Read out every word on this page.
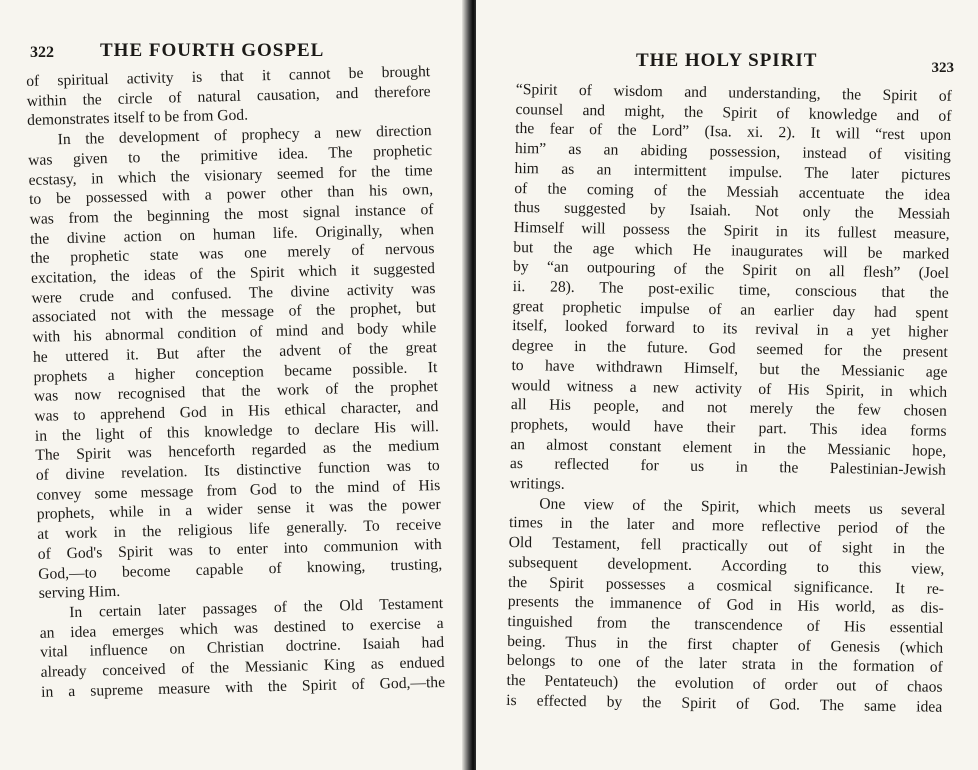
322 THE FOURTH GOSPEL
of spiritual activity is that it cannot be brought
within the circle of natural causation, and therefore
demonstrates itself to be from God.
In the development of prophecy a new direction
was given to the primitive idea. The prophetic
ecstasy, in which the visionary seemed for the time
to be possessed with a power other than his own,
was from the beginning the most signal instance of
the divine action on human life. Originally, when
the prophetic state was one merely of nervous
excitation, the ideas of the Spirit which it suggested
were crude and confused. The divine activity was
associated not with the message of the prophet, but
with his abnormal condition of mind and body while
he uttered it. But after the advent of the great
prophets a higher conception became possible. It
was now recognised that the work of the prophet
was to apprehend God in His ethical character, and
in the light of this knowledge to declare His will.
The Spirit was henceforth regarded as the medium
of divine revelation. Its distinctive function was to
convey some message from God to the mind of His
prophets, while in a wider sense it was the power
at work in the religious life generally. To receive
of God's Spirit was to enter into communion with
God,—to become capable of knowing, trusting,
serving Him.
In certain later passages of the Old Testament
an idea emerges which was destined to exercise a
vital influence on Christian doctrine. Isaiah had
already conceived of the Messianic King as endued
in a supreme measure with the Spirit of God,—the
THE HOLY SPIRIT	323
“Spirit of wisdom and understanding, the Spirit of
counsel and might, the Spirit of knowledge and of
the fear of the Lord” (Isa. xi. 2). It will “rest upon
him” as an abiding possession, instead of visiting
him as an intermittent impulse. The later pictures
of the coming of the Messiah accentuate the idea
thus suggested by Isaiah. Not only the Messiah
Himself will possess the Spirit in its fullest measure,
but the age which He inaugurates will be marked
by “an outpouring of the Spirit on all flesh” (Joel
ii. 28). The post-exilic time, conscious that the
great prophetic impulse of an earlier day had spent
itself, looked forward to its revival in a yet higher
degree in the future. God seemed for the present
to have withdrawn Himself, but the Messianic age
would witness a new activity of His Spirit, in which
all His people, and not merely the few chosen
prophets, would have their part. This idea forms
an almost constant element in the Messianic hope,
as reflected for us in the Palestinian-Jewish
writings.
One view of the Spirit, which meets us several
times in the later and more reflective period of the
Old Testament, fell practically out of sight in the
subsequent development. According to this view,
the Spirit possesses a cosmical significance. It re-
presents the immanence of God in His world, as dis-
tinguished from the transcendence of His essential
being. Thus in the first chapter of Genesis (which
belongs to one of the later strata in the formation of
the Pentateuch) the evolution of order out of chaos
is effected by the Spirit of God. The same idea
